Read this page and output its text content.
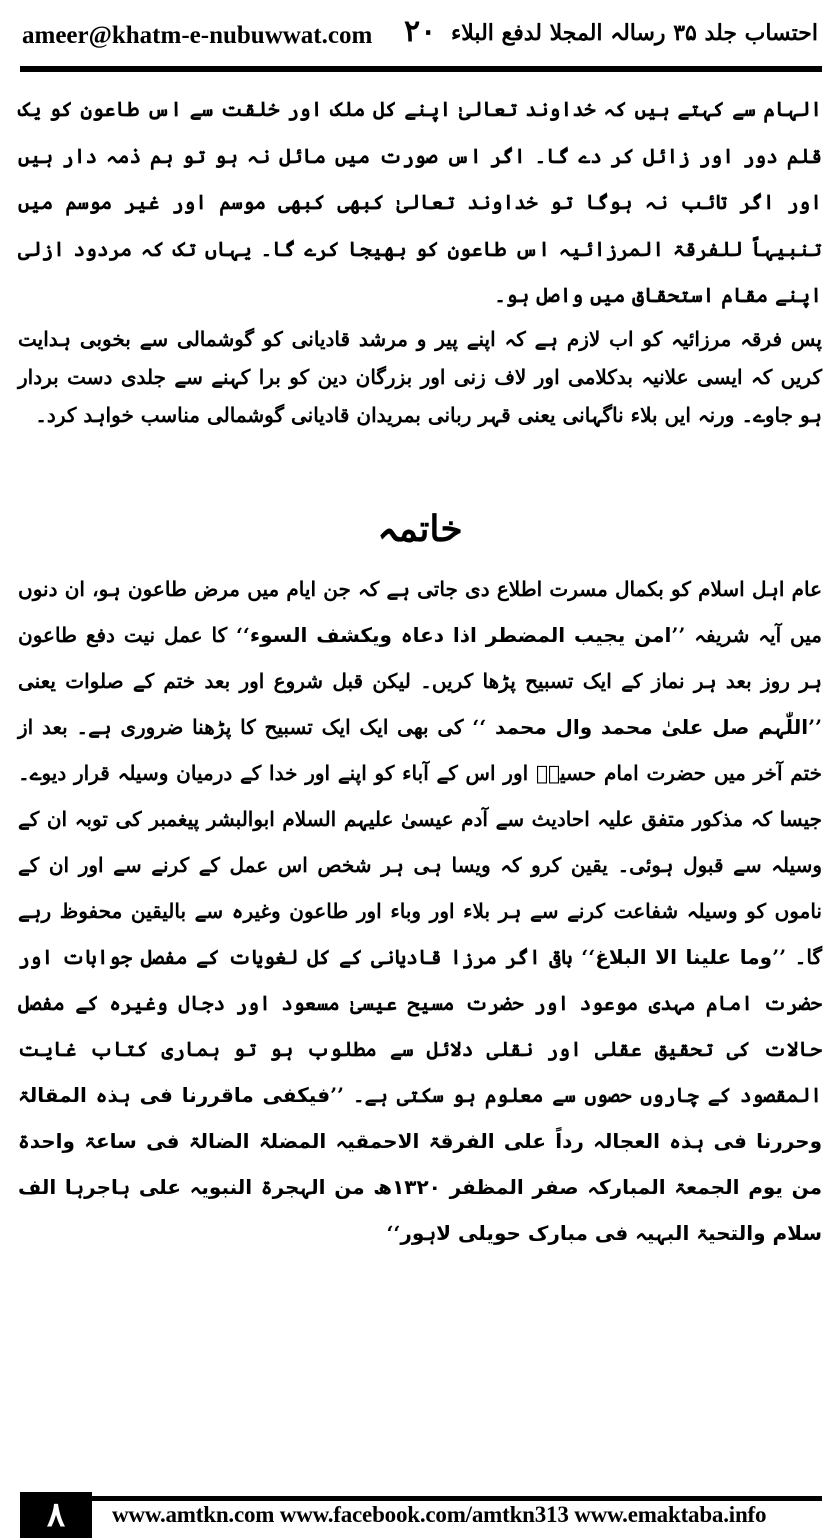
ameer@khatm-e-nubuwwat.com ۲۰ احتساب جلد ۳۵ رسالہ المجلا لدفع البلاء
الہام سے کہتے ہیں کہ خداوند تعالیٰ اپنے کل ملک اور خلقت سے اس طاعون کو یک قلم دور اور زائل کر دے گا۔ اگر اس صورت میں مائل نہ ہو تو ہم ذمہ دار ہیں اور اگر تائب نہ ہوگا تو خداوند تعالیٰ کبھی کبھی موسم اور غیر موسم میں تنبیہاً للفرقۃ المرزائیہ اس طاعون کو بھیجا کرے گا۔ یہاں تک کہ مردود ازلی اپنے مقام استحقاق میں واصل ہو۔
پس فرقہ مرزائیہ کو اب لازم ہے کہ اپنے پیر و مرشد قادیانی کو گوشمالی سے بخوبی ہدایت کریں کہ ایسی علانیہ بدکلامی اور لاف زنی اور بزرگان دین کو برا کہنے سے جلدی دست بردار ہو جاوے۔ ورنہ ایں بلاء ناگہانی یعنی قہر ربانی بمریدان قادیانی گوشمالی مناسب خواہد کرد۔
خاتمہ
عام اہل اسلام کو بکمال مسرت اطلاع دی جاتی ہے کہ جن ایام میں مرض طاعون ہو، ان دنوں میں آیہ شریفہ ’’امن یجیب المضطر اذا دعاہ ویکشف السوء‘‘ کا عمل نیت دفع طاعون ہر روز بعد ہر نماز کے ایک تسبیح پڑھا کریں۔ لیکن قبل شروع اور بعد ختم کے صلوات یعنی ’’اللّٰہم صل علیٰ محمد وال محمد ‘‘ کی بھی ایک ایک تسبیح کا پڑھنا ضروری ہے۔ بعد از ختم آخر میں حضرت امام حسینؓ اور اس کے آباء کو اپنے اور خدا کے درمیان وسیلہ قرار دیوے۔ جیسا کہ مذکور متفق علیہ احادیث سے آدم عیسیٰ علیہم السلام ابوالبشر پیغمبر کی توبہ ان کے وسیلہ سے قبول ہوئی۔ یقین کرو کہ ویسا ہی ہر شخص اس عمل کے کرنے سے اور ان کے ناموں کو وسیلہ شفاعت کرنے سے ہر بلاء اور وباء اور طاعون وغیرہ سے بالیقین محفوظ رہے گا۔ ’’وما علینا الا البلاغ‘‘ باقی اگر مرزا قادیانی کے کل لغویات کے مفصل جوابات اور حضرت امام مہدی موعود اور حضرت مسیح عیسیٰ مسعود اور دجال وغیرہ کے مفصل حالات کی تحقیق عقلی اور نقلی دلائل سے مطلوب ہو تو ہماری کتاب غایت المقصود کے چاروں حصوں سے معلوم ہو سکتی ہے۔ ’’فیکفی ماقررنا فی ہذہ المقالۃ وحررنا فی ہذہ العجالہ رداً علی الفرقۃ الاحمقیہ المضلۃ الضالۃ فی ساعۃ واحدۃ من یوم الجمعۃ المبارکہ صفر المظفر ۱۳۲۰ھ من الہجرۃ النبویہ علی ہاجرہا الف سلام والتحیۃ البہیہ فی مبارک حویلی لاہور‘‘
۸	www.amtkn.com www.facebook.com/amtkn313 www.emaktaba.info
